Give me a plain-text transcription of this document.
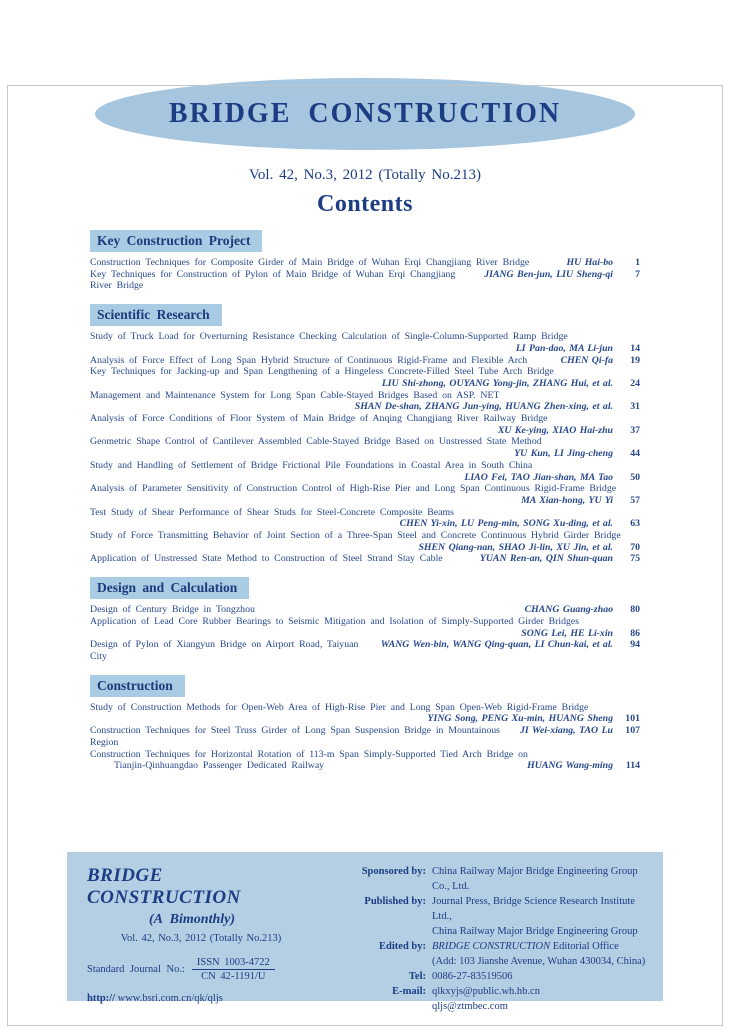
BRIDGE CONSTRUCTION
Vol. 42, No.3, 2012 (Totally No.213)
Contents
Key Construction Project
Construction Techniques for Composite Girder of Main Bridge of Wuhan Erqi Changjiang River Bridge	HU Hai-bo	1
Key Techniques for Construction of Pylon of Main Bridge of Wuhan Erqi Changjiang River Bridge
JIANG Ben-jun, LIU Sheng-qi	7
Scientific Research
Study of Truck Load for Overturning Resistance Checking Calculation of Single-Column-Supported Ramp Bridge
LI Pan-dao, MA Li-jun	14
Analysis of Force Effect of Long Span Hybrid Structure of Continuous Rigid-Frame and Flexible Arch	CHEN Qi-fa	19
Key Techniques for Jacking-up and Span Lengthening of a Hingeless Concrete-Filled Steel Tube Arch Bridge
LIU Shi-zhong, OUYANG Yong-jin, ZHANG Hui, et al.	24
Management and Maintenance System for Long Span Cable-Stayed Bridges Based on ASP. NET
SHAN De-shan, ZHANG Jun-ying, HUANG Zhen-xing, et al.	31
Analysis of Force Conditions of Floor System of Main Bridge of Anqing Changjiang River Railway Bridge
XU Ke-ying, XIAO Hai-zhu	37
Geometric Shape Control of Cantilever Assembled Cable-Stayed Bridge Based on Unstressed State Method
YU Kun, LI Jing-cheng	44
Study and Handling of Settlement of Bridge Frictional Pile Foundations in Coastal Area in South China
LIAO Fei, TAO Jian-shan, MA Tao	50
Analysis of Parameter Sensitivity of Construction Control of High-Rise Pier and Long Span Continuous Rigid-Frame Bridge
MA Xian-hong, YU Yi	57
Test Study of Shear Performance of Shear Studs for Steel-Concrete Composite Beams
CHEN Yi-xin, LU Peng-min, SONG Xu-ding, et al.	63
Study of Force Transmitting Behavior of Joint Section of a Three-Span Steel and Concrete Continuous Hybrid Girder Bridge
SHEN Qiang-nan, SHAO Ji-lin, XU Jin, et al.	70
Application of Unstressed State Method to Construction of Steel Strand Stay Cable	YUAN Ren-an, QIN Shun-quan	75
Design and Calculation
Design of Century Bridge in Tongzhou	CHANG Guang-zhao	80
Application of Lead Core Rubber Bearings to Seismic Mitigation and Isolation of Simply-Supported Girder Bridges
SONG Lei, HE Li-xin	86
Design of Pylon of Xiangyun Bridge on Airport Road, Taiyuan City
WANG Wen-bin, WANG Qing-quan, LI Chun-kai, et al.	94
Construction
Study of Construction Methods for Open-Web Area of High-Rise Pier and Long Span Open-Web Rigid-Frame Bridge
YING Song, PENG Xu-min, HUANG Sheng	101
Construction Techniques for Steel Truss Girder of Long Span Suspension Bridge in Mountainous Region
JI Wei-xiang, TAO Lu	107
Construction Techniques for Horizontal Rotation of 113-m Span Simply-Supported Tied Arch Bridge on
Tianjin-Qinhuangdao Passenger Dedicated Railway	HUANG Wang-ming	114
BRIDGE CONSTRUCTION
(A Bimonthly)
Vol. 42, No.3, 2012 (Totally No.213)
Standard Journal No.: $\frac{\text{ISSN 1003-4722}}{CN 42-1191/U}$
http:// www.bsri.com.cn/qk/qljs
Sponsored by: China Railway Major Bridge Engineering Group Co., Ltd.
Published by: Journal Press, Bridge Science Research Institute Ltd.,
China Railway Major Bridge Engineering Group
Edited by: BRIDGE CONSTRUCTION Editorial Office
(Add: 103 Jianshe Avenue, Wuhan 430034, China)
Tel: 0086-27-83519506
E-mail: qlkxyjs@public.wh.hb.cn
qljs@ztmbec.com
